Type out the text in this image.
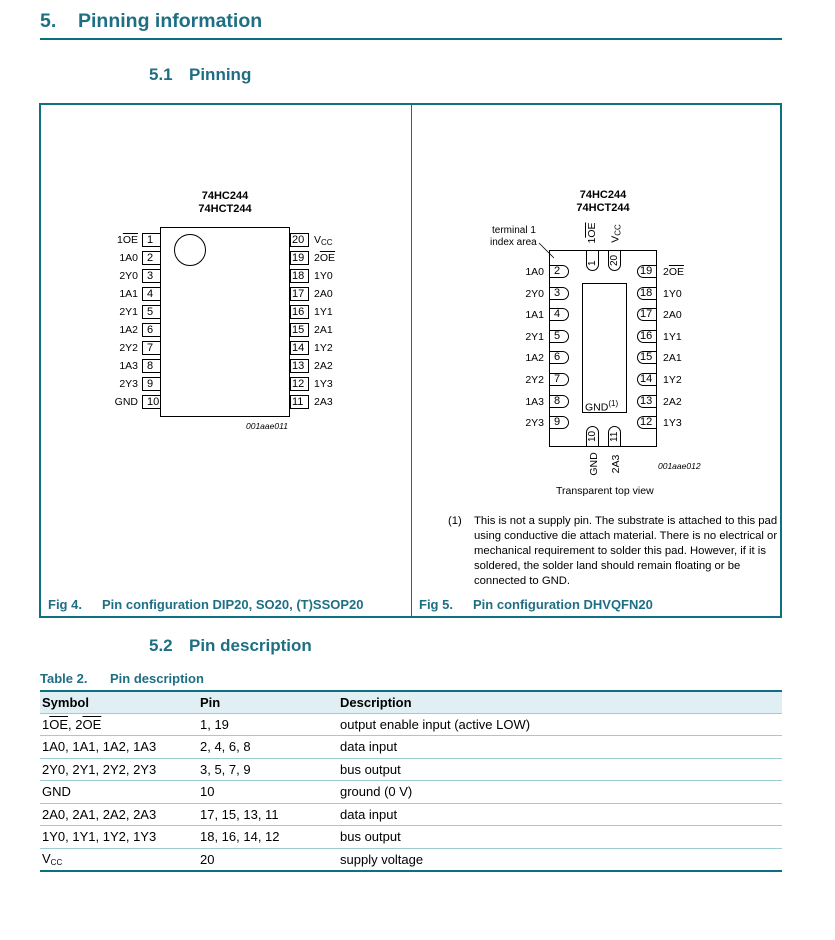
5. Pinning information
5.1 Pinning
74HC244
74HCT244
1
$1\overline{OE}$
2
1A0
3
2Y0
4
1A1
5
2Y1
6
1A2
7
2Y2
8
1A3
9
2Y3
10
GND
20 $V_{CC}$
19 $2\overline{OE}$
18 1Y0
17 2A0
16 1Y1
15 2A1
14 1Y2
13 2A2
12 1Y3
11	2A3
001aae011
Fig 4. Pin configuration DIP20, SO20, (T)SSOP20
74HC244
74HCT244
terminal 1
index area
GND$^{(1)}$
2
1A0
3
2Y0
4
1A1
5
2Y1
6
1A2
7
2Y2
8
1A3
9
2Y3
19	$2\overline{OE}$
18	1Y0
17	2A0
16	1Y1
15	2A1
14	1Y2
13	2A2
12	1Y3
1 20
10 11
$1\overline{OE}$
$V_{CC}$
GND 2A3	001aae012
Transparent top view
(1) This is not a supply pin. The substrate is attached to this pad using conductive die attach material. There is no electrical or mechanical requirement to solder this pad. However, if it is soldered, the solder land should remain floating or be connected to GND.
Fig 5. Pin configuration DHVQFN20
5.2 Pin description
Table 2. Pin description
Symbol	Pin	Description
$1\overline{OE}$, $2\overline{OE}$	1, 19	output enable input (active LOW)
1A0, 1A1, 1A2, 1A3	2, 4, 6, 8	data input
2Y0, 2Y1, 2Y2, 2Y3	3, 5, 7, 9	bus output
GND	10	ground (0 V)
2A0, 2A1, 2A2, 2A3	17, 15, 13, 11	data input
1Y0, 1Y1, 1Y2, 1Y3	18, 16, 14, 12	bus output
$V_{CC}$	20	supply voltage
